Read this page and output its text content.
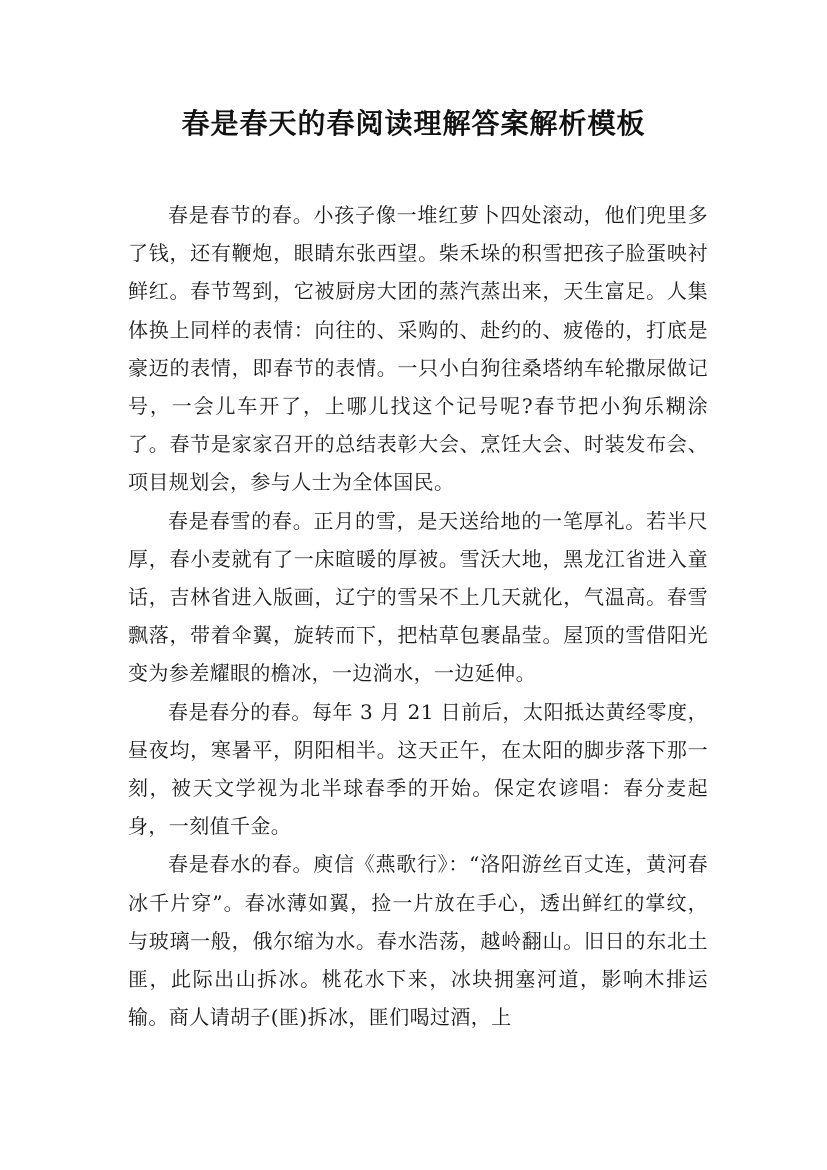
春是春天的春阅读理解答案解析模板

春是春节的春。小孩子像一堆红萝卜四处滚动，他们兜里多了钱，还有鞭炮，眼睛东张西望。柴禾垛的积雪把孩子脸蛋映衬鲜红。春节驾到，它被厨房大团的蒸汽蒸出来，天生富足。人集体换上同样的表情：向往的、采购的、赴约的、疲倦的，打底是豪迈的表情，即春节的表情。一只小白狗往桑塔纳车轮撒尿做记号，一会儿车开了，上哪儿找这个记号呢?春节把小狗乐糊涂了。春节是家家召开的总结表彰大会、烹饪大会、时装发布会、项目规划会，参与人士为全体国民。

春是春雪的春。正月的雪，是天送给地的一笔厚礼。若半尺厚，春小麦就有了一床暄暖的厚被。雪沃大地，黑龙江省进入童话，吉林省进入版画，辽宁的雪呆不上几天就化，气温高。春雪飘落，带着伞翼，旋转而下，把枯草包裹晶莹。屋顶的雪借阳光变为参差耀眼的檐冰，一边淌水，一边延伸。

春是春分的春。每年 3 月 21 日前后，太阳抵达黄经零度，昼夜均，寒暑平，阴阳相半。这天正午，在太阳的脚步落下那一刻，被天文学视为北半球春季的开始。保定农谚唱：春分麦起身，一刻值千金。

春是春水的春。庾信《燕歌行》：“洛阳游丝百丈连，黄河春冰千片穿”。春冰薄如翼，捡一片放在手心，透出鲜红的掌纹，与玻璃一般，俄尔缩为水。春水浩荡，越岭翻山。旧日的东北土匪，此际出山拆冰。桃花水下来，冰块拥塞河道，影响木排运输。商人请胡子(匪)拆冰，匪们喝过酒，上
